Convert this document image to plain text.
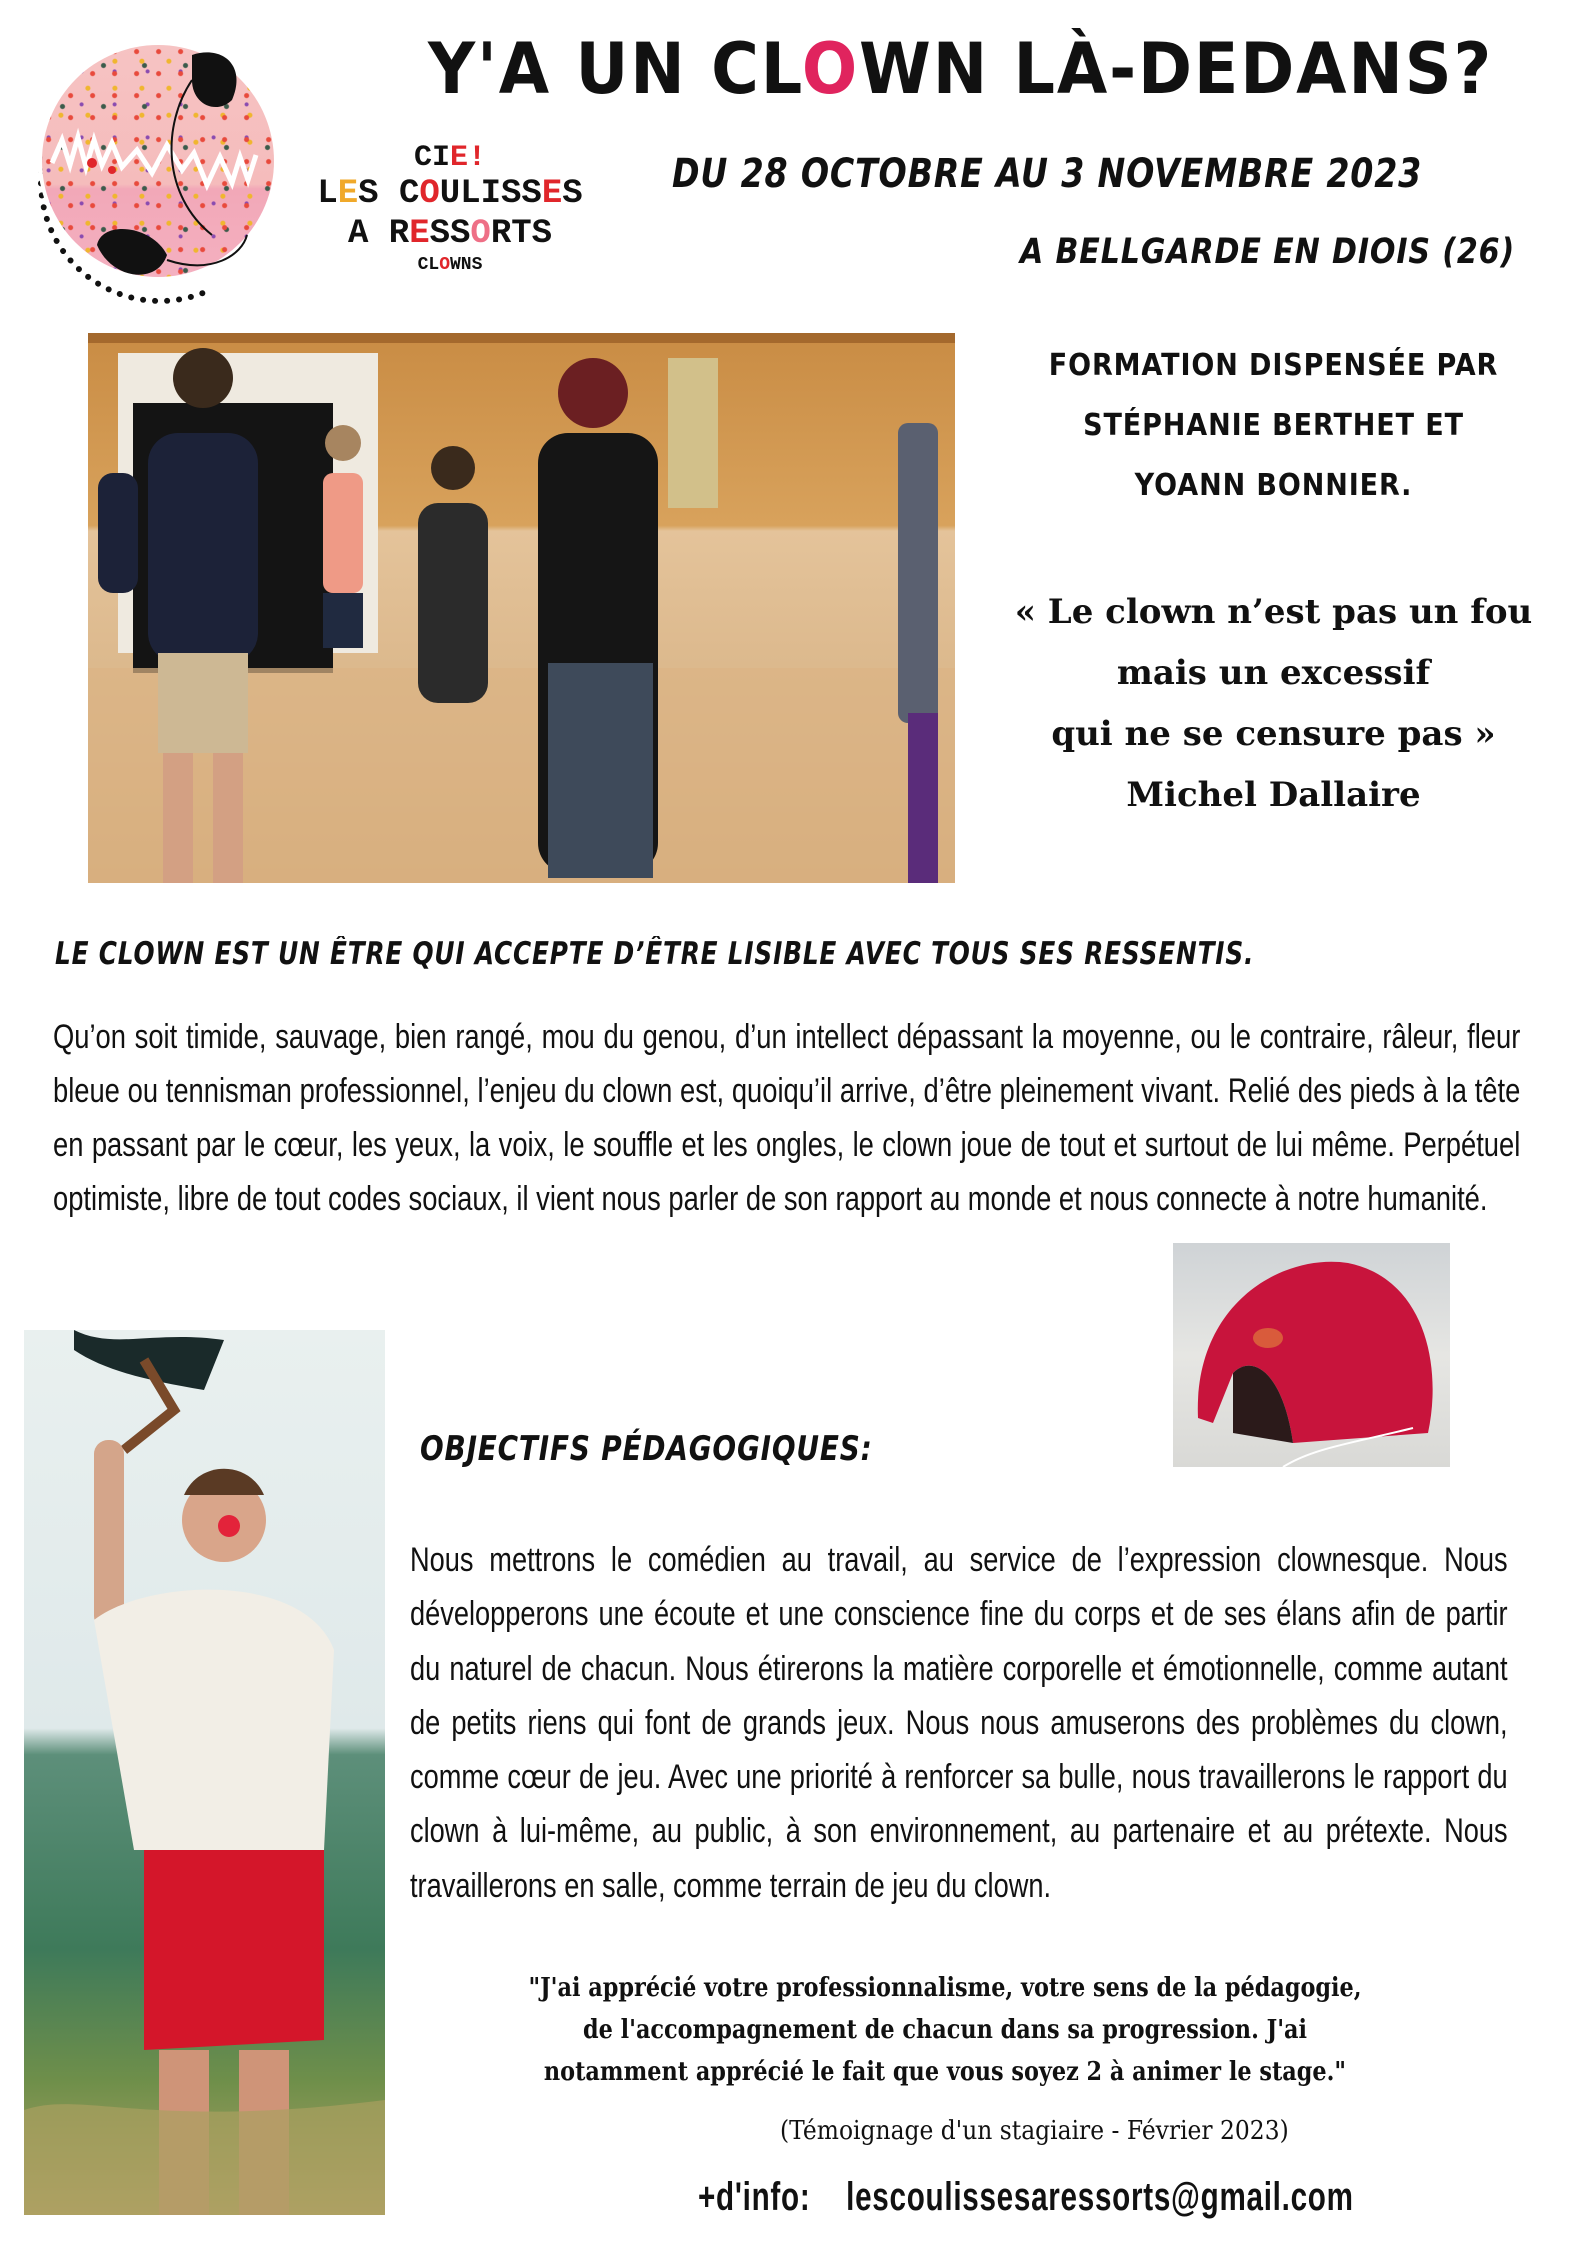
CIE!
LES COULISSES
A RESSORTS
CLOWNS
Y'A UN CLOWN LÀ-DEDANS?
DU 28 OCTOBRE AU 3 NOVEMBRE 2023
A BELLGARDE EN DIOIS (26)
FORMATION DISPENSÉE PAR
STÉPHANIE BERTHET ET
YOANN BONNIER.
« Le clown n’est pas un fou
mais un excessif
qui ne se censure pas »
Michel Dallaire
LE CLOWN EST UN ÊTRE QUI ACCEPTE D’ÊTRE LISIBLE AVEC TOUS SES RESSENTIS.
Qu’on soit timide, sauvage, bien rangé, mou du genou, d’un intellect dépassant la moyenne, ou le contraire, râleur, fleur bleue ou tennisman professionnel, l’enjeu du clown est, quoiqu’il arrive, d’être pleinement vivant. Relié des pieds à la tête en passant par le cœur, les yeux, la voix, le souffle et les ongles, le clown joue de tout et surtout de lui même. Perpétuel optimiste, libre de tout codes sociaux, il vient nous parler de son rapport au monde et nous connecte à notre humanité.
OBJECTIFS PÉDAGOGIQUES:
Nous mettrons le comédien au travail, au service de l’expression clownesque. Nous développerons une écoute et une conscience fine du corps et de ses élans afin de partir du naturel de chacun. Nous étirerons la matière corporelle et émotionnelle, comme autant de petits riens qui font de grands jeux. Nous nous amuserons des problèmes du clown, comme cœur de jeu. Avec une priorité à renforcer sa bulle, nous travaillerons le rapport du clown à lui-même, au public, à son environnement, au partenaire et au prétexte. Nous travaillerons en salle, comme terrain de jeu du clown.
"J'ai apprécié votre professionnalisme, votre sens de la pédagogie,
de l'accompagnement de chacun dans sa progression. J'ai
notamment apprécié le fait que vous soyez 2 à animer le stage."
(Témoignage d'un stagiaire - Février 2023)
+d'info: lescoulissesaressorts@gmail.com
